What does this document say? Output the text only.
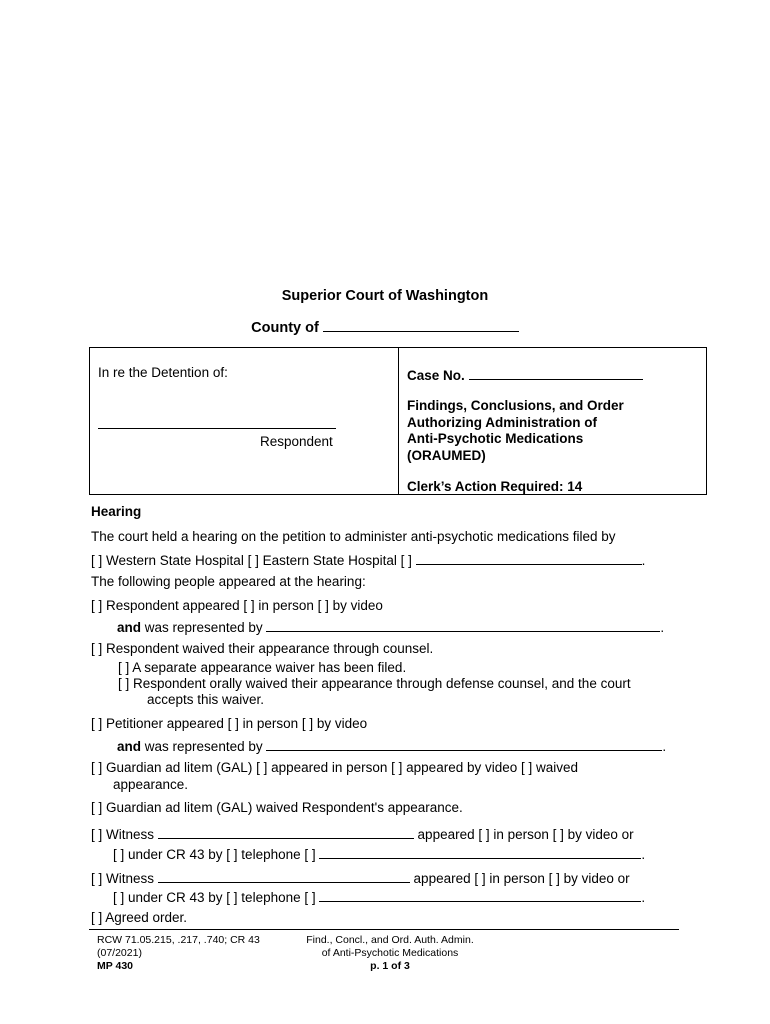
Superior Court of Washington
County of
In re the Detention of:
Respondent
Case No.
Findings, Conclusions, and Order
Authorizing Administration of
Anti-Psychotic Medications
(ORAUMED)
Clerk’s Action Required: 14
Hearing
The court held a hearing on the petition to administer anti-psychotic medications filed by
[ ] Western State Hospital [ ] Eastern State Hospital [ ]	.
The following people appeared at the hearing:
[ ] Respondent appeared [ ] in person [ ] by video
and was represented by	.
[ ] Respondent waived their appearance through counsel.
[ ] A separate appearance waiver has been filed.
[ ] Respondent orally waived their appearance through defense counsel, and the court
accepts this waiver.
[ ] Petitioner appeared [ ] in person [ ] by video
and was represented by	.
[ ] Guardian ad litem (GAL) [ ] appeared in person [ ] appeared by video [ ] waived
appearance.
[ ] Guardian ad litem (GAL) waived Respondent's appearance.
[ ] Witness	appeared [ ] in person [ ] by video or
[ ] under CR 43 by [ ] telephone [ ]	.
[ ] Witness	appeared [ ] in person [ ] by video or
[ ] under CR 43 by [ ] telephone [ ]	.
[ ] Agreed order.
RCW 71.05.215, .217, .740; CR 43
(07/2021)
MP 430
Find., Concl., and Ord. Auth. Admin.
of Anti-Psychotic Medications
p. 1 of 3
